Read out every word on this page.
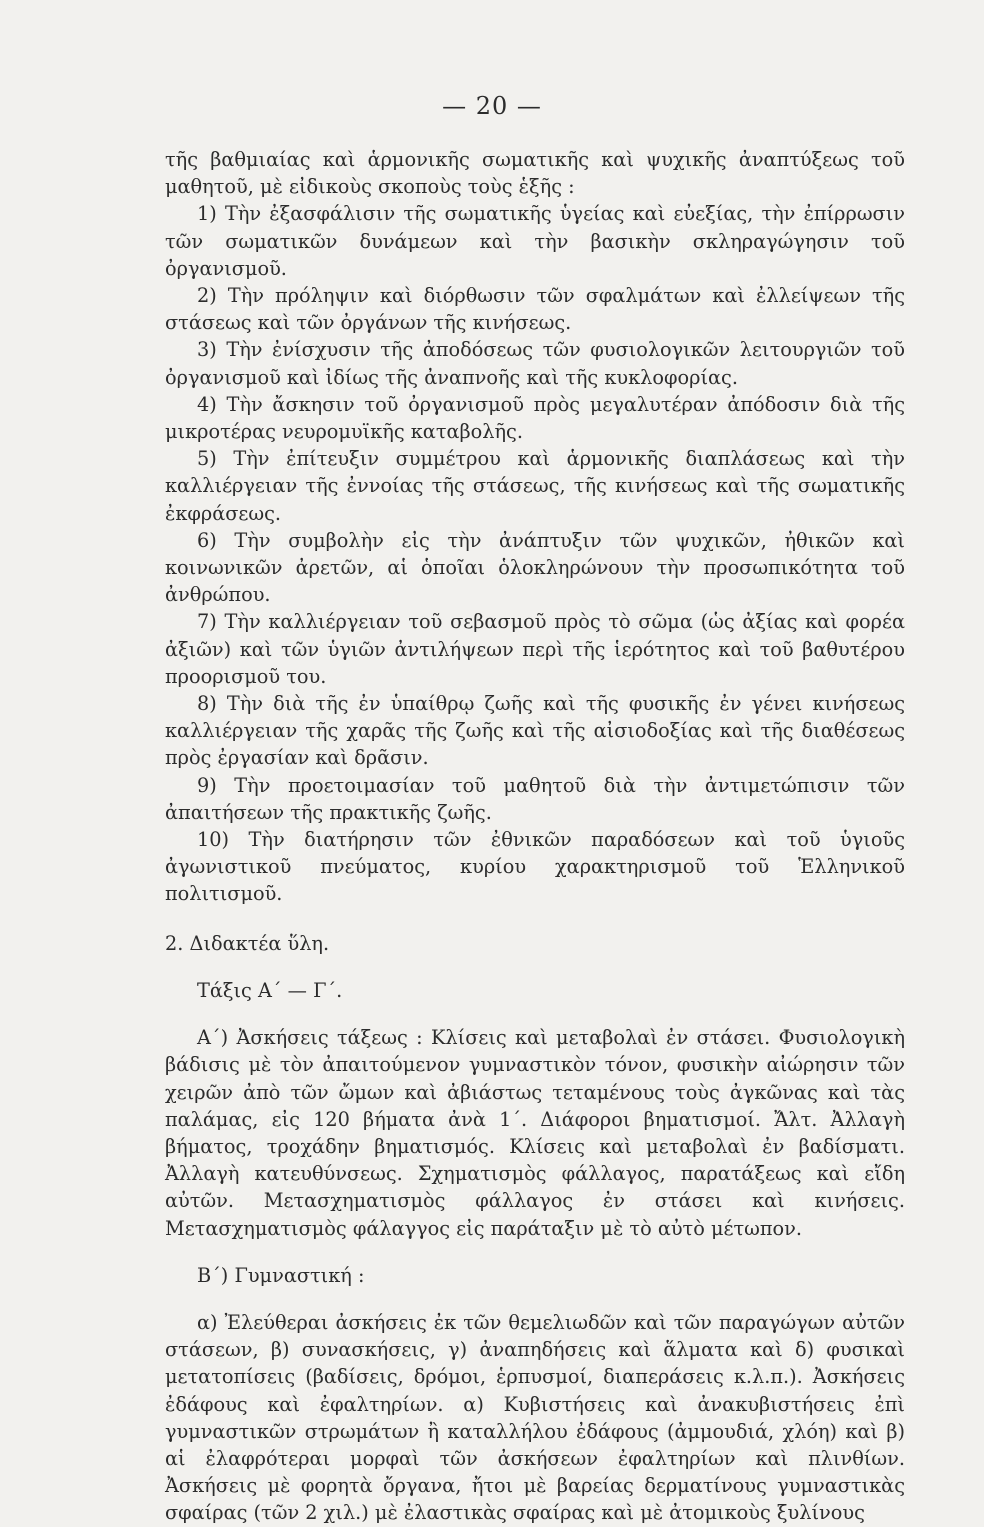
— 20 —

τῆς βαθμιαίας καὶ ἁρμονικῆς σωματικῆς καὶ ψυχικῆς ἀναπτύξεως τοῦ μαθητοῦ, μὲ εἰδικοὺς σκοποὺς τοὺς ἑξῆς :

1) Τὴν ἐξασφάλισιν τῆς σωματικῆς ὑγείας καὶ εὐεξίας, τὴν ἐπίρρωσιν τῶν σωματικῶν δυνάμεων καὶ τὴν βασικὴν σκληραγώγησιν τοῦ ὀργανισμοῦ.

2) Τὴν πρόληψιν καὶ διόρθωσιν τῶν σφαλμάτων καὶ ἐλλείψεων τῆς στάσεως καὶ τῶν ὀργάνων τῆς κινήσεως.

3) Τὴν ἐνίσχυσιν τῆς ἀποδόσεως τῶν φυσιολογικῶν λειτουργιῶν τοῦ ὀργανισμοῦ καὶ ἰδίως τῆς ἀναπνοῆς καὶ τῆς κυκλοφορίας.

4) Τὴν ἄσκησιν τοῦ ὀργανισμοῦ πρὸς μεγαλυτέραν ἀπόδοσιν διὰ τῆς μικροτέρας νευρομυϊκῆς καταβολῆς.

5) Τὴν ἐπίτευξιν συμμέτρου καὶ ἁρμονικῆς διαπλάσεως καὶ τὴν καλλιέργειαν τῆς ἐννοίας τῆς στάσεως, τῆς κινήσεως καὶ τῆς σωματικῆς ἐκφράσεως.

6) Τὴν συμβολὴν εἰς τὴν ἀνάπτυξιν τῶν ψυχικῶν, ἠθικῶν καὶ κοινωνικῶν ἀρετῶν, αἱ ὁποῖαι ὁλοκληρώνουν τὴν προσωπικότητα τοῦ ἀνθρώπου.

7) Τὴν καλλιέργειαν τοῦ σεβασμοῦ πρὸς τὸ σῶμα (ὡς ἀξίας καὶ φορέα ἀξιῶν) καὶ τῶν ὑγιῶν ἀντιλήψεων περὶ τῆς ἱερότητος καὶ τοῦ βαθυτέρου προορισμοῦ του.

8) Τὴν διὰ τῆς ἐν ὑπαίθρῳ ζωῆς καὶ τῆς φυσικῆς ἐν γένει κινήσεως καλλιέργειαν τῆς χαρᾶς τῆς ζωῆς καὶ τῆς αἰσιοδοξίας καὶ τῆς διαθέσεως πρὸς ἐργασίαν καὶ δρᾶσιν.

9) Τὴν προετοιμασίαν τοῦ μαθητοῦ διὰ τὴν ἀντιμετώπισιν τῶν ἀπαιτήσεων τῆς πρακτικῆς ζωῆς.

10) Τὴν διατήρησιν τῶν ἐθνικῶν παραδόσεων καὶ τοῦ ὑγιοῦς ἀγωνιστικοῦ πνεύματος, κυρίου χαρακτηρισμοῦ τοῦ Ἑλληνικοῦ πολιτισμοῦ.

2. Διδακτέα ὕλη.

Τάξις Α΄ — Γ΄.

Α΄) Ἀσκήσεις τάξεως : Κλίσεις καὶ μεταβολαὶ ἐν στάσει. Φυσιολογικὴ βάδισις μὲ τὸν ἀπαιτούμενον γυμναστικὸν τόνον, φυσικὴν αἰώρησιν τῶν χειρῶν ἀπὸ τῶν ὤμων καὶ ἀβιάστως τεταμένους τοὺς ἀγκῶνας καὶ τὰς παλάμας, εἰς 120 βήματα ἀνὰ 1΄. Διάφοροι βηματισμοί. Ἄλτ. Ἀλλαγὴ βήματος, τροχάδην βηματισμός. Κλίσεις καὶ μεταβολαὶ ἐν βαδίσματι. Ἀλλαγὴ κατευθύνσεως. Σχηματισμὸς φάλλαγος, παρατάξεως καὶ εἴδη αὐτῶν. Μετασχηματισμὸς φάλλαγος ἐν στάσει καὶ κινήσεις. Μετασχηματισμὸς φάλαγγος εἰς παράταξιν μὲ τὸ αὐτὸ μέτωπον.

Β΄) Γυμναστική :

α) Ἐλεύθεραι ἀσκήσεις ἐκ τῶν θεμελιωδῶν καὶ τῶν παραγώγων αὐτῶν στάσεων, β) συνασκήσεις, γ) ἀναπηδήσεις καὶ ἅλματα καὶ δ) φυσικαὶ μετατοπίσεις (βαδίσεις, δρόμοι, ἑρπυσμοί, διαπεράσεις κ.λ.π.). Ἀσκήσεις ἐδάφους καὶ ἐφαλτηρίων. α) Κυβιστήσεις καὶ ἀνακυβιστήσεις ἐπὶ γυμναστικῶν στρωμάτων ἢ καταλλήλου ἐδάφους (ἀμμουδιά, χλόη) καὶ β) αἱ ἐλαφρότεραι μορφαὶ τῶν ἀσκήσεων ἐφαλτηρίων καὶ πλινθίων. Ἀσκήσεις μὲ φορητὰ ὄργανα, ἤτοι μὲ βαρείας δερματίνους γυμναστικὰς σφαίρας (τῶν 2 χιλ.) μὲ ἐλαστικὰς σφαίρας καὶ μὲ ἀτομικοὺς ξυλίνους
